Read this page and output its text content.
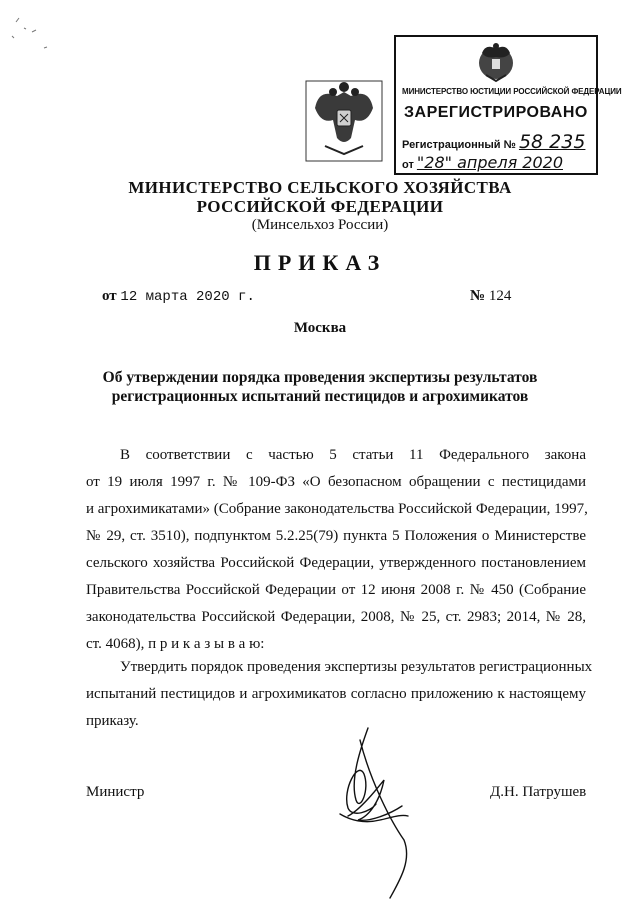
МИНИСТЕРСТВО ЮСТИЦИИ РОССИЙСКОЙ ФЕДЕРАЦИИ
ЗАРЕГИСТРИРОВАНО
Регистрационный № 58 235
от "28" апреля 2020
МИНИСТЕРСТВО СЕЛЬСКОГО ХОЗЯЙСТВА
РОССИЙСКОЙ ФЕДЕРАЦИИ
(Минсельхоз России)
ПРИКАЗ
от 12 марта 2020 г.	№ 124
Москва
Об утверждении порядка проведения экспертизы результатов
регистрационных испытаний пестицидов и агрохимикатов
В соответствии с частью 5 статьи 11 Федерального закона
от 19 июля 1997 г. № 109-ФЗ «О безопасном обращении с пестицидами
и агрохимикатами» (Собрание законодательства Российской Федерации, 1997,
№ 29, ст. 3510), подпунктом 5.2.25(79) пункта 5 Положения о Министерстве
сельского хозяйства Российской Федерации, утвержденного постановлением
Правительства Российской Федерации от 12 июня 2008 г. № 450 (Собрание
законодательства Российской Федерации, 2008, № 25, ст. 2983; 2014, № 28,
ст. 4068), п р и к а з ы в а ю:
Утвердить порядок проведения экспертизы результатов регистрационных
испытаний пестицидов и агрохимикатов согласно приложению к настоящему
приказу.
Министр	Д.Н. Патрушев
